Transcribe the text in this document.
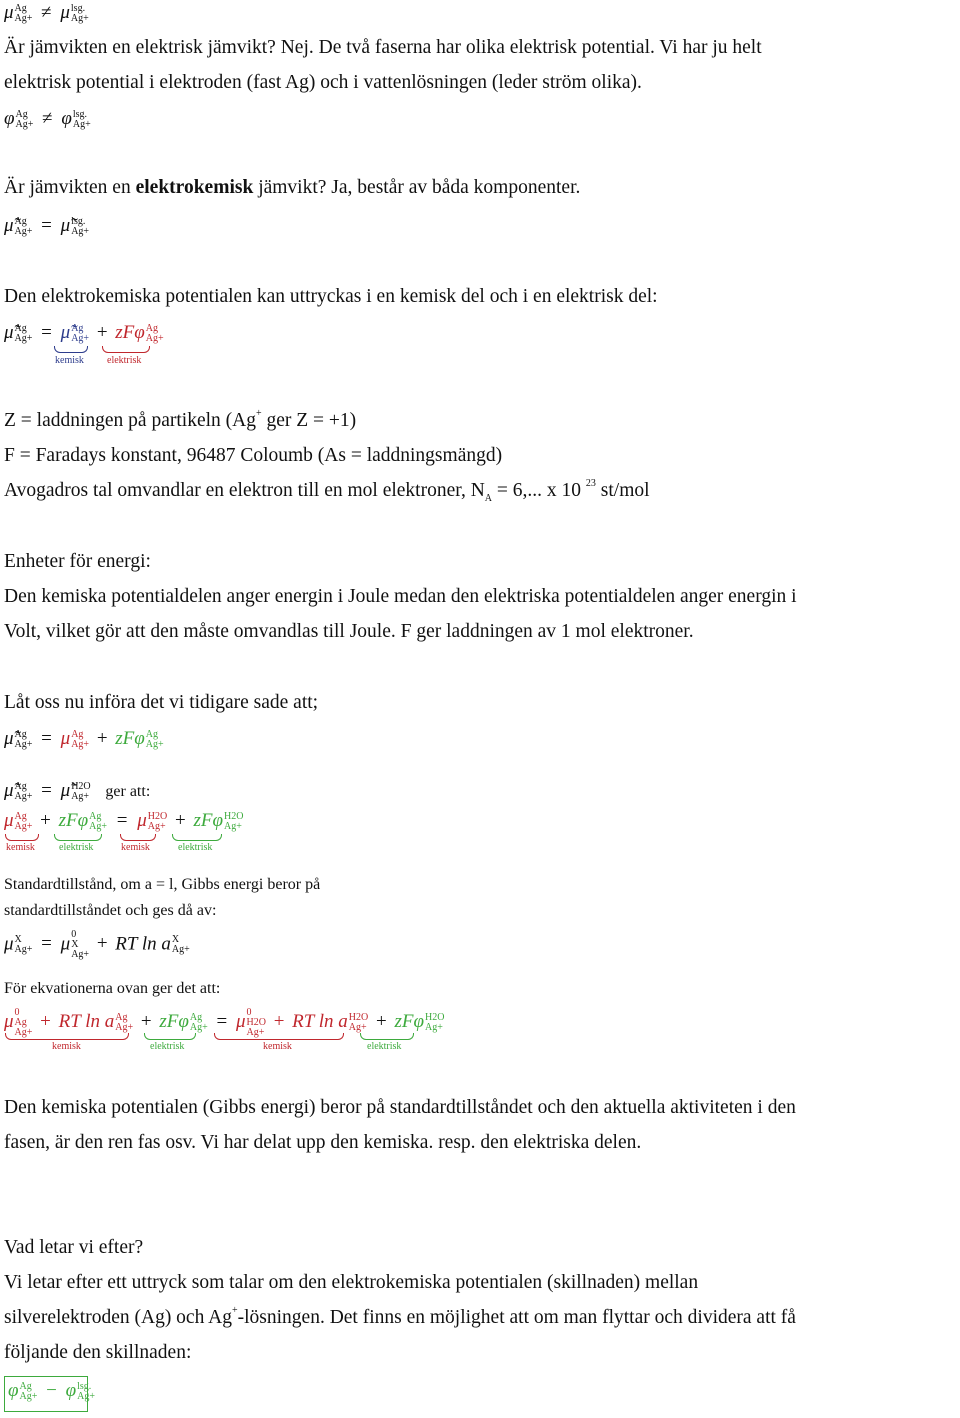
μ Ag
Ag+ ≠ μ lsg.
Ag+
Är jämvikten en elektrisk jämvikt? Nej. De två faserna har olika elektrisk potential. Vi har ju helt
elektrisk potential i elektroden (fast Ag) och i vattenlösningen (leder ström olika).
φ Ag
Ag+ ≠ φ lsg.
Ag+
Är jämvikten en elektrokemisk jämvikt? Ja, består av båda komponenter.
μ̃ Ag
Ag+ = μ̃ lsg.
Ag+
Den elektrokemiska potentialen kan uttryckas i en kemisk del och i en elektrisk del:
μ̃ Ag
Ag+ = μ̃ Ag
Ag+ + zFφ Ag
Ag+
kemisk elektrisk
Z = laddningen på partikeln (Ag+ ger Z = +1)
F = Faradays konstant, 96487 Coloumb (As = laddningsmängd)
Avogadros tal omvandlar en elektron till en mol elektroner, $N_A = 6$,... x 10 $^{23}$ st/mol
Enheter för energi:
Den kemiska potentialdelen anger energin i Joule medan den elektriska potentialdelen anger energin i
Volt, vilket gör att den måste omvandlas till Joule. F ger laddningen av 1 mol elektroner.
Låt oss nu införa det vi tidigare sade att;
μ̃ Ag
Ag+ = μ Ag
Ag+ + zFφ Ag
Ag+
μ̃ Ag
Ag+ = μ̃ H2O
Ag+ ger att:
μ Ag
Ag+ + zFφ Ag
Ag+ = μ H2O
Ag+ + zFφ H2O
Ag+
kemisk elektrisk	kemisk	elektrisk
Standardtillstånd, om a = l, Gibbs energi beror på
standardtillståndet och ges då av:
μ X
Ag+ = μ 0
X
Ag+
+ RT ln a X
Ag+
För ekvationerna ovan ger det att:
μ 0
Ag
Ag+
+ RT ln a Ag
Ag+ + zFφ Ag
Ag+ = μ 0
H2O
Ag+
+ RT ln a H2O
Ag+ + zFφ H2O
Ag+
kemisk	elektrisk	kemisk	elektrisk
Den kemiska potentialen (Gibbs energi) beror på standardtillståndet och den aktuella aktiviteten i den
fasen, är den ren fas osv. Vi har delat upp den kemiska. resp. den elektriska delen.
Vad letar vi efter?
Vi letar efter ett uttryck som talar om den elektrokemiska potentialen (skillnaden) mellan
silverelektroden (Ag) och Ag+-lösningen. Det finns en möjlighet att om man flyttar och dividera att få
följande den skillnaden:
φ Ag
Ag+ − φ lsg.
Ag+
